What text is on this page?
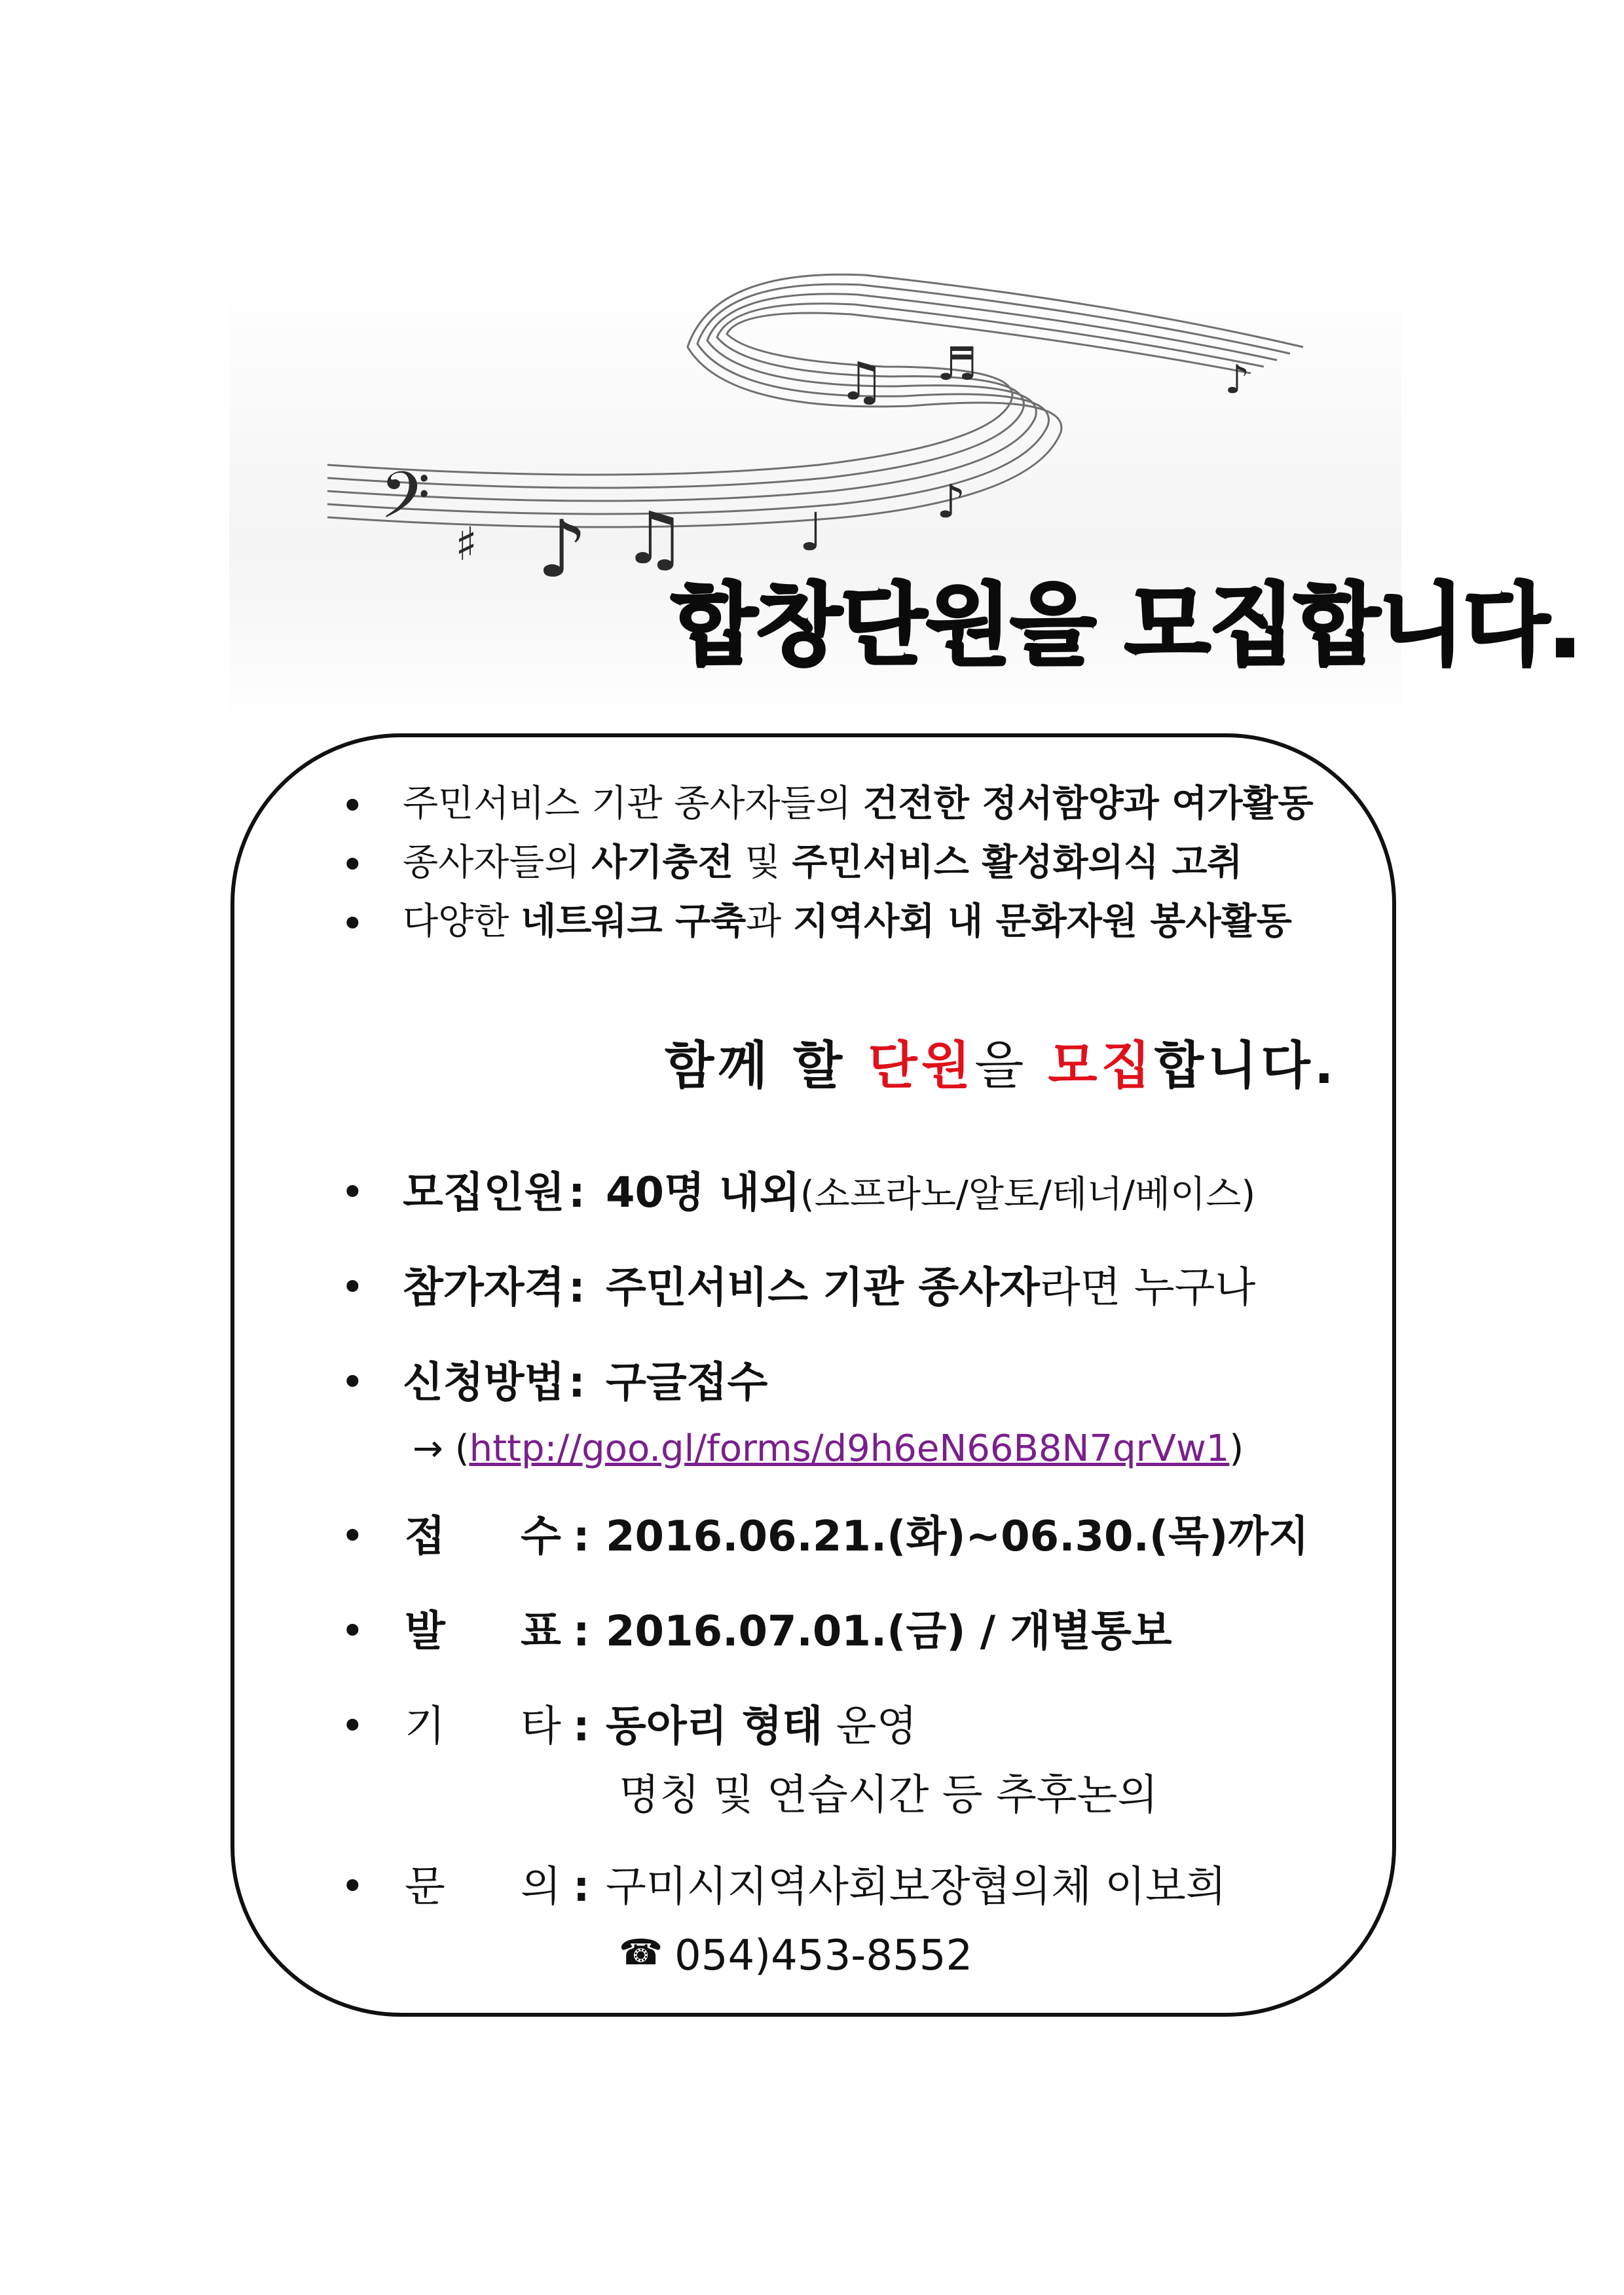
𝄢 ♯ ♪ ♫ ♩ ♪
♫ ♬	♪
합창단원을 모집합니다.
• 주민서비스 기관 종사자들의 건전한 정서함양과 여가활동
• 종사자들의 사기충전 및 주민서비스 활성화의식 고취
• 다양한 네트워크 구축과 지역사회 내 문화자원 봉사활동
함께 할 단원을 모집합니다.
• 모집인원 : 40명 내외(소프라노/알토/테너/베이스)
• 참가자격 : 주민서비스 기관 종사자라면 누구나
• 신청방법 : 구글접수
→ (http://goo.gl/forms/d9h6eN66B8N7qrVw1)
• 접 수 : 2016.06.21.(화)~06.30.(목)까지
• 발 표 : 2016.07.01.(금) / 개별통보
• 기 타 : 동아리 형태 운영
명칭 및 연습시간 등 추후논의
• 문 의 : 구미시지역사회보장협의체 이보희
☎ 054)453-8552
